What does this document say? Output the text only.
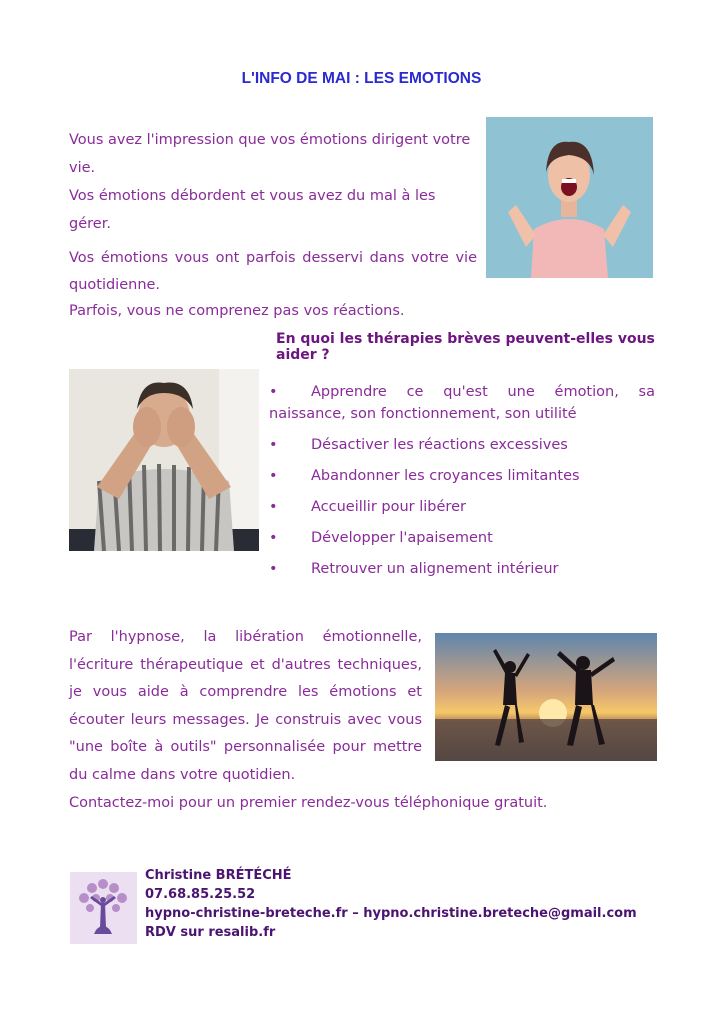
L'INFO DE MAI : LES EMOTIONS

Vous avez l'impression que vos émotions dirigent votre vie.

Vos émotions débordent et vous avez du mal à les gérer.

Vos émotions vous ont parfois desservi dans votre vie

quotidienne.

Parfois, vous ne comprenez pas vos réactions.

En quoi les thérapies brèves peuvent-elles vous aider ?
•	Apprendre ce qu'est une émotion, sa naissance, son fonctionnement, son utilité
•	Désactiver les réactions excessives
•	Abandonner les croyances limitantes
•	Accueillir pour libérer
•	Développer l'apaisement
•	Retrouver un alignement intérieur
Par l'hypnose, la libération émotionnelle, l'écriture thérapeutique et d'autres techniques, je vous aide à comprendre les émotions et écouter leurs messages. Je construis avec vous "une boîte à outils" personnalisée pour mettre du calme dans votre quotidien.
Contactez-moi pour un premier rendez-vous téléphonique gratuit.
Christine BRÉTÉCHÉ
07.68.85.25.52
hypno-christine-breteche.fr – hypno.christine.breteche@gmail.com
RDV sur resalib.fr
